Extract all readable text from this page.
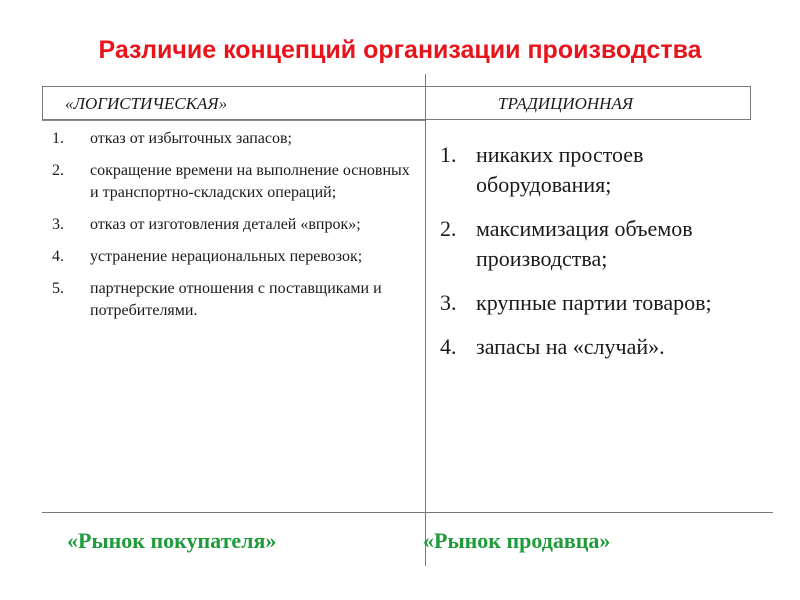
Различие концепций организации производства
«ЛОГИСТИЧЕСКАЯ»	ТРАДИЦИОННАЯ
1. отказ от избыточных запасов;
2. сокращение времени на выполнение основных и транспортно-складских операций;
3. отказ от изготовления деталей «впрок»;
4. устранение нерациональных перевозок;
5. партнерские отношения с поставщиками и потребителями.
1. никаких простоев оборудования;
2. максимизация объемов производства;
3. крупные партии товаров;
4. запасы на «случай».
«Рынок покупателя»	«Рынок продавца»
